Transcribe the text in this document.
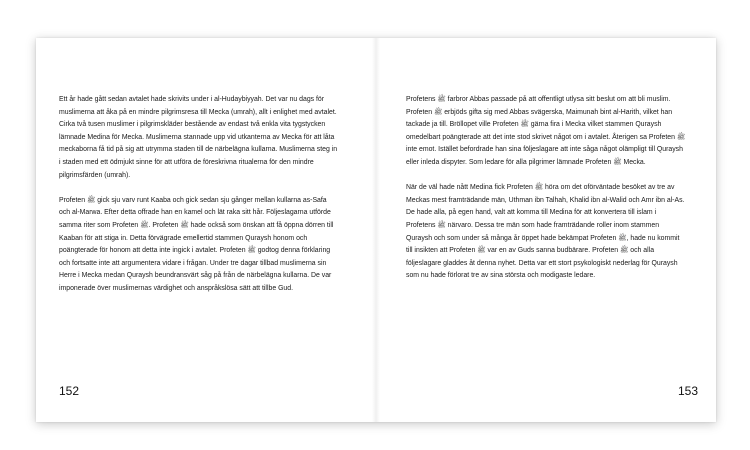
Ett år hade gått sedan avtalet hade skrivits under i al-Hudaybiyyah. Det var nu dags för
muslimerna att åka på en mindre pilgrimsresa till Mecka (umrah), allt i enlighet med avtalet.
Cirka två tusen muslimer i pilgrimskläder bestående av endast två enkla vita tygstycken
lämnade Medina för Mecka. Muslimerna stannade upp vid utkanterna av Mecka för att låta
meckaborna få tid på sig att utrymma staden till de närbelägna kullarna. Muslimerna steg in
i staden med ett ödmjukt sinne för att utföra de föreskrivna ritualerna för den mindre
pilgrimsfärden (umrah).

Profeten ﷺ gick sju varv runt Kaaba och gick sedan sju gånger mellan kullarna as-Safa
och al-Marwa. Efter detta offrade han en kamel och lät raka sitt hår. Följeslagarna utförde
samma riter som Profeten ﷺ. Profeten ﷺ hade också som önskan att få öppna dörren till
Kaaban för att stiga in. Detta förvägrade emellertid stammen Quraysh honom och
poängterade för honom att detta inte ingick i avtalet. Profeten ﷺ godtog denna förklaring
och fortsatte inte att argumentera vidare i frågan. Under tre dagar tillbad muslimerna sin
Herre i Mecka medan Quraysh beundransvärt såg på från de närbelägna kullarna. De var
imponerade över muslimernas värdighet och anspråkslösa sätt att tillbe Gud.

152

Profetens ﷺ farbror Abbas passade på att offentligt utlysa sitt beslut om att bli muslim.
Profeten ﷺ erbjöds gifta sig med Abbas svägerska, Maimunah bint al-Harith, vilket han
tackade ja till. Bröllopet ville Profeten ﷺ gärna fira i Mecka vilket stammen Quraysh
omedelbart poängterade att det inte stod skrivet något om i avtalet. Återigen sa Profeten ﷺ
inte emot. Istället befordrade han sina följeslagare att inte såga något olämpligt till Quraysh
eller inleda dispyter. Som ledare för alla pilgrimer lämnade Profeten ﷺ Mecka.

När de väl hade nått Medina fick Profeten ﷺ höra om det oförväntade besöket av tre av
Meckas mest framträdande män, Uthman ibn Talhah, Khalid ibn al-Walid och Amr ibn al-As.
De hade alla, på egen hand, valt att komma till Medina för att konvertera till islam i
Profetens ﷺ närvaro. Dessa tre män som hade framträdande roller inom stammen
Quraysh och som under så många år öppet hade bekämpat Profeten ﷺ, hade nu kommit
till insikten att Profeten ﷺ var en av Guds sanna budbärare. Profeten ﷺ och alla
följeslagare gladdes åt denna nyhet. Detta var ett stort psykologiskt nederlag för Quraysh
som nu hade förlorat tre av sina största och modigaste ledare.

153
